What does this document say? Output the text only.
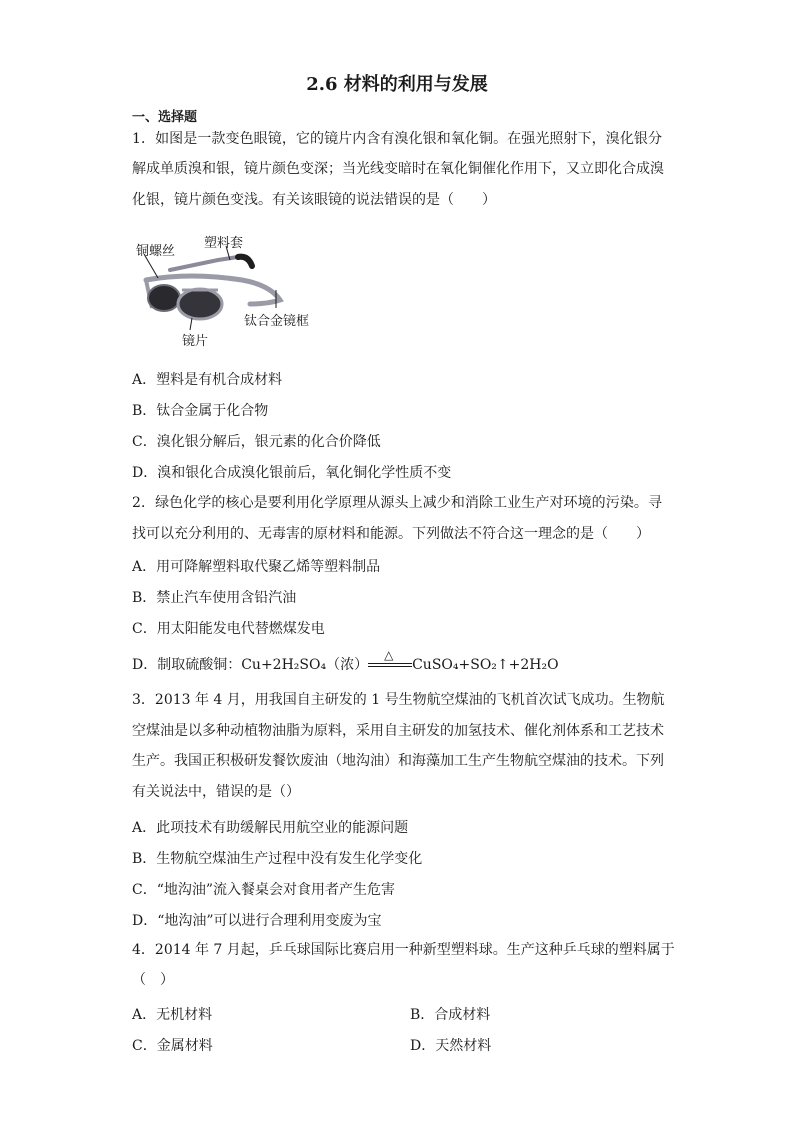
2.6 材料的利用与发展
一、选择题
1．如图是一款变色眼镜，它的镜片内含有溴化银和氧化铜。在强光照射下，溴化银分
解成单质溴和银，镜片颜色变深；当光线变暗时在氧化铜催化作用下，又立即化合成溴
化银，镜片颜色变浅。有关该眼镜的说法错误的是（　　）
铜螺丝
塑料套
钛合金镜框
镜片
A．塑料是有机合成材料
B．钛合金属于化合物
C．溴化银分解后，银元素的化合价降低
D．溴和银化合成溴化银前后，氧化铜化学性质不变
2．绿色化学的核心是要利用化学原理从源头上减少和消除工业生产对环境的污染。寻
找可以充分利用的、无毒害的原材料和能源。下列做法不符合这一理念的是（　　）
A．用可降解塑料取代聚乙烯等塑料制品
B．禁止汽车使用含铅汽油
C．用太阳能发电代替燃煤发电
D．制取硫酸铜：Cu+2H₂SO₄（浓）
△
CuSO₄+SO₂↑+2H₂O
3．2013 年 4 月，用我国自主研发的 1 号生物航空煤油的飞机首次试飞成功。生物航
空煤油是以多种动植物油脂为原料，采用自主研发的加氢技术、催化剂体系和工艺技术
生产。我国正积极研发餐饮废油（地沟油）和海藻加工生产生物航空煤油的技术。下列
有关说法中，错误的是（）
A．此项技术有助缓解民用航空业的能源问题
B．生物航空煤油生产过程中没有发生化学变化
C．“地沟油”流入餐桌会对食用者产生危害
D．“地沟油”可以进行合理利用变废为宝
4．2014 年 7 月起，乒乓球国际比赛启用一种新型塑料球。生产这种乒乓球的塑料属于
（　）
A．无机材料	B．合成材料
C．金属材料	D．天然材料
